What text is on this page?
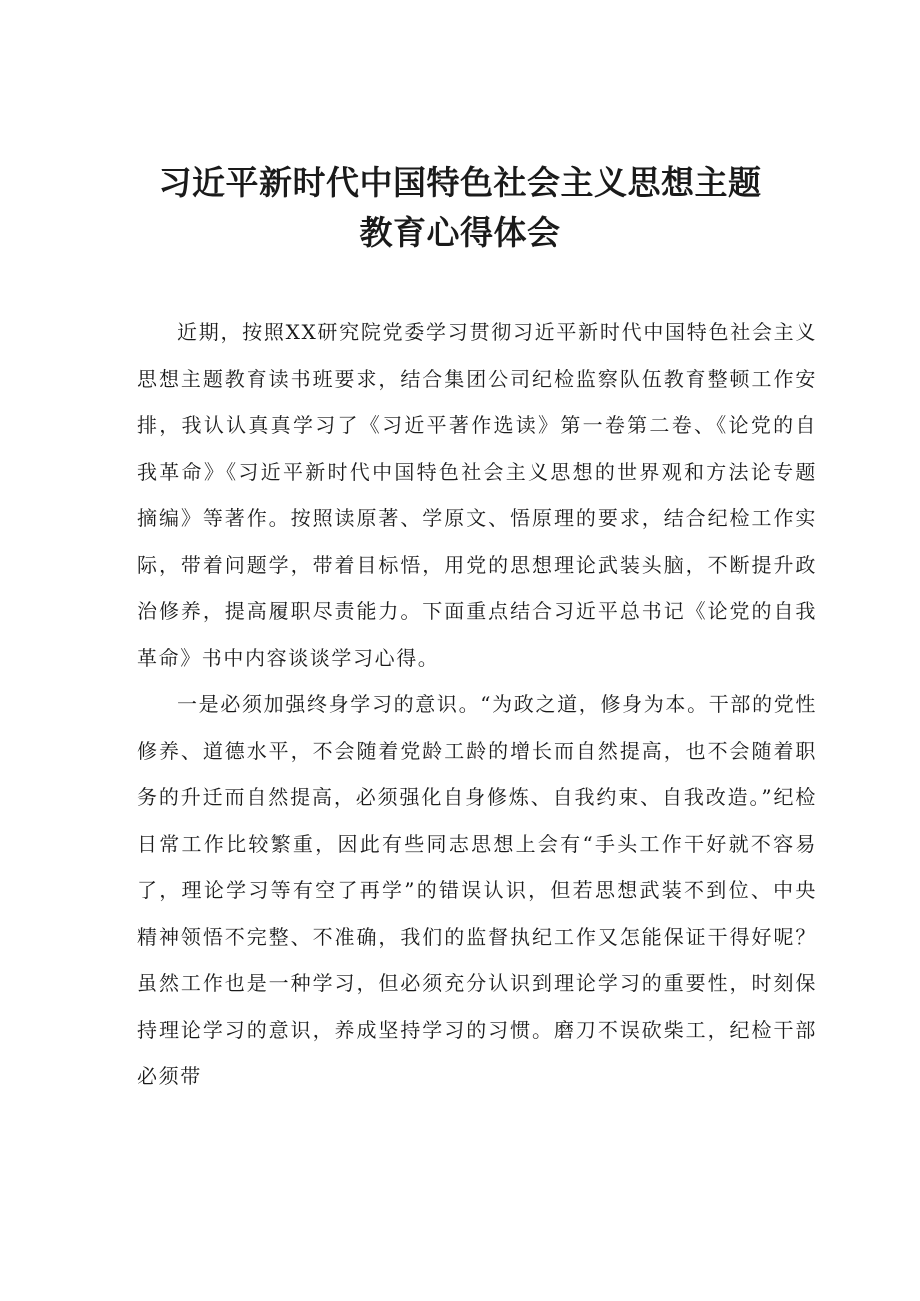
习近平新时代中国特色社会主义思想主题
教育心得体会

近期，按照XX研究院党委学习贯彻习近平新时代中国特色社会主义思想主题教育读书班要求，结合集团公司纪检监察队伍教育整顿工作安排，我认认真真学习了《习近平著作选读》第一卷第二卷、《论党的自我革命》《习近平新时代中国特色社会主义思想的世界观和方法论专题摘编》等著作。按照读原著、学原文、悟原理的要求，结合纪检工作实际，带着问题学，带着目标悟，用党的思想理论武装头脑，不断提升政治修养，提高履职尽责能力。下面重点结合习近平总书记《论党的自我革命》书中内容谈谈学习心得。

一是必须加强终身学习的意识。“为政之道，修身为本。干部的党性修养、道德水平，不会随着党龄工龄的增长而自然提高，也不会随着职务的升迁而自然提高，必须强化自身修炼、自我约束、自我改造。”纪检日常工作比较繁重，因此有些同志思想上会有“手头工作干好就不容易了，理论学习等有空了再学”的错误认识，但若思想武装不到位、中央精神领悟不完整、不准确，我们的监督执纪工作又怎能保证干得好呢？虽然工作也是一种学习，但必须充分认识到理论学习的重要性，时刻保持理论学习的意识，养成坚持学习的习惯。磨刀不误砍柴工，纪检干部必须带
